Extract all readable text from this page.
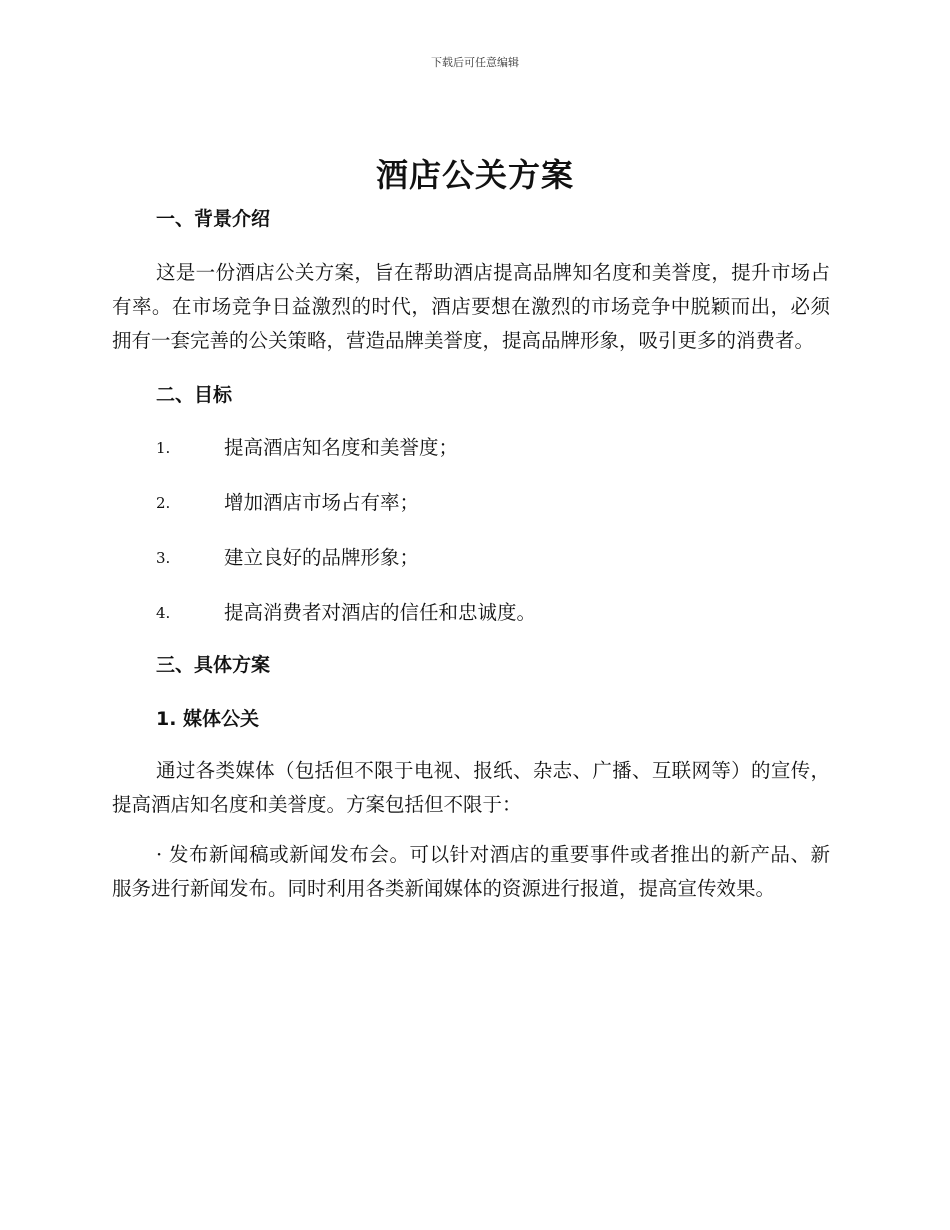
下载后可任意编辑
酒店公关方案
一、背景介绍

这是一份酒店公关方案，旨在帮助酒店提高品牌知名度和美誉度，提升市场占有率。在市场竞争日益激烈的时代，酒店要想在激烈的市场竞争中脱颖而出，必须拥有一套完善的公关策略，营造品牌美誉度，提高品牌形象，吸引更多的消费者。

二、目标
1.	提高酒店知名度和美誉度；
2.	增加酒店市场占有率；
3.	建立良好的品牌形象；
4.	提高消费者对酒店的信任和忠诚度。
三、具体方案
1. 媒体公关

通过各类媒体（包括但不限于电视、报纸、杂志、广播、互联网等）的宣传，提高酒店知名度和美誉度。方案包括但不限于：

· 发布新闻稿或新闻发布会。可以针对酒店的重要事件或者推出的新产品、新服务进行新闻发布。同时利用各类新闻媒体的资源进行报道，提高宣传效果。
